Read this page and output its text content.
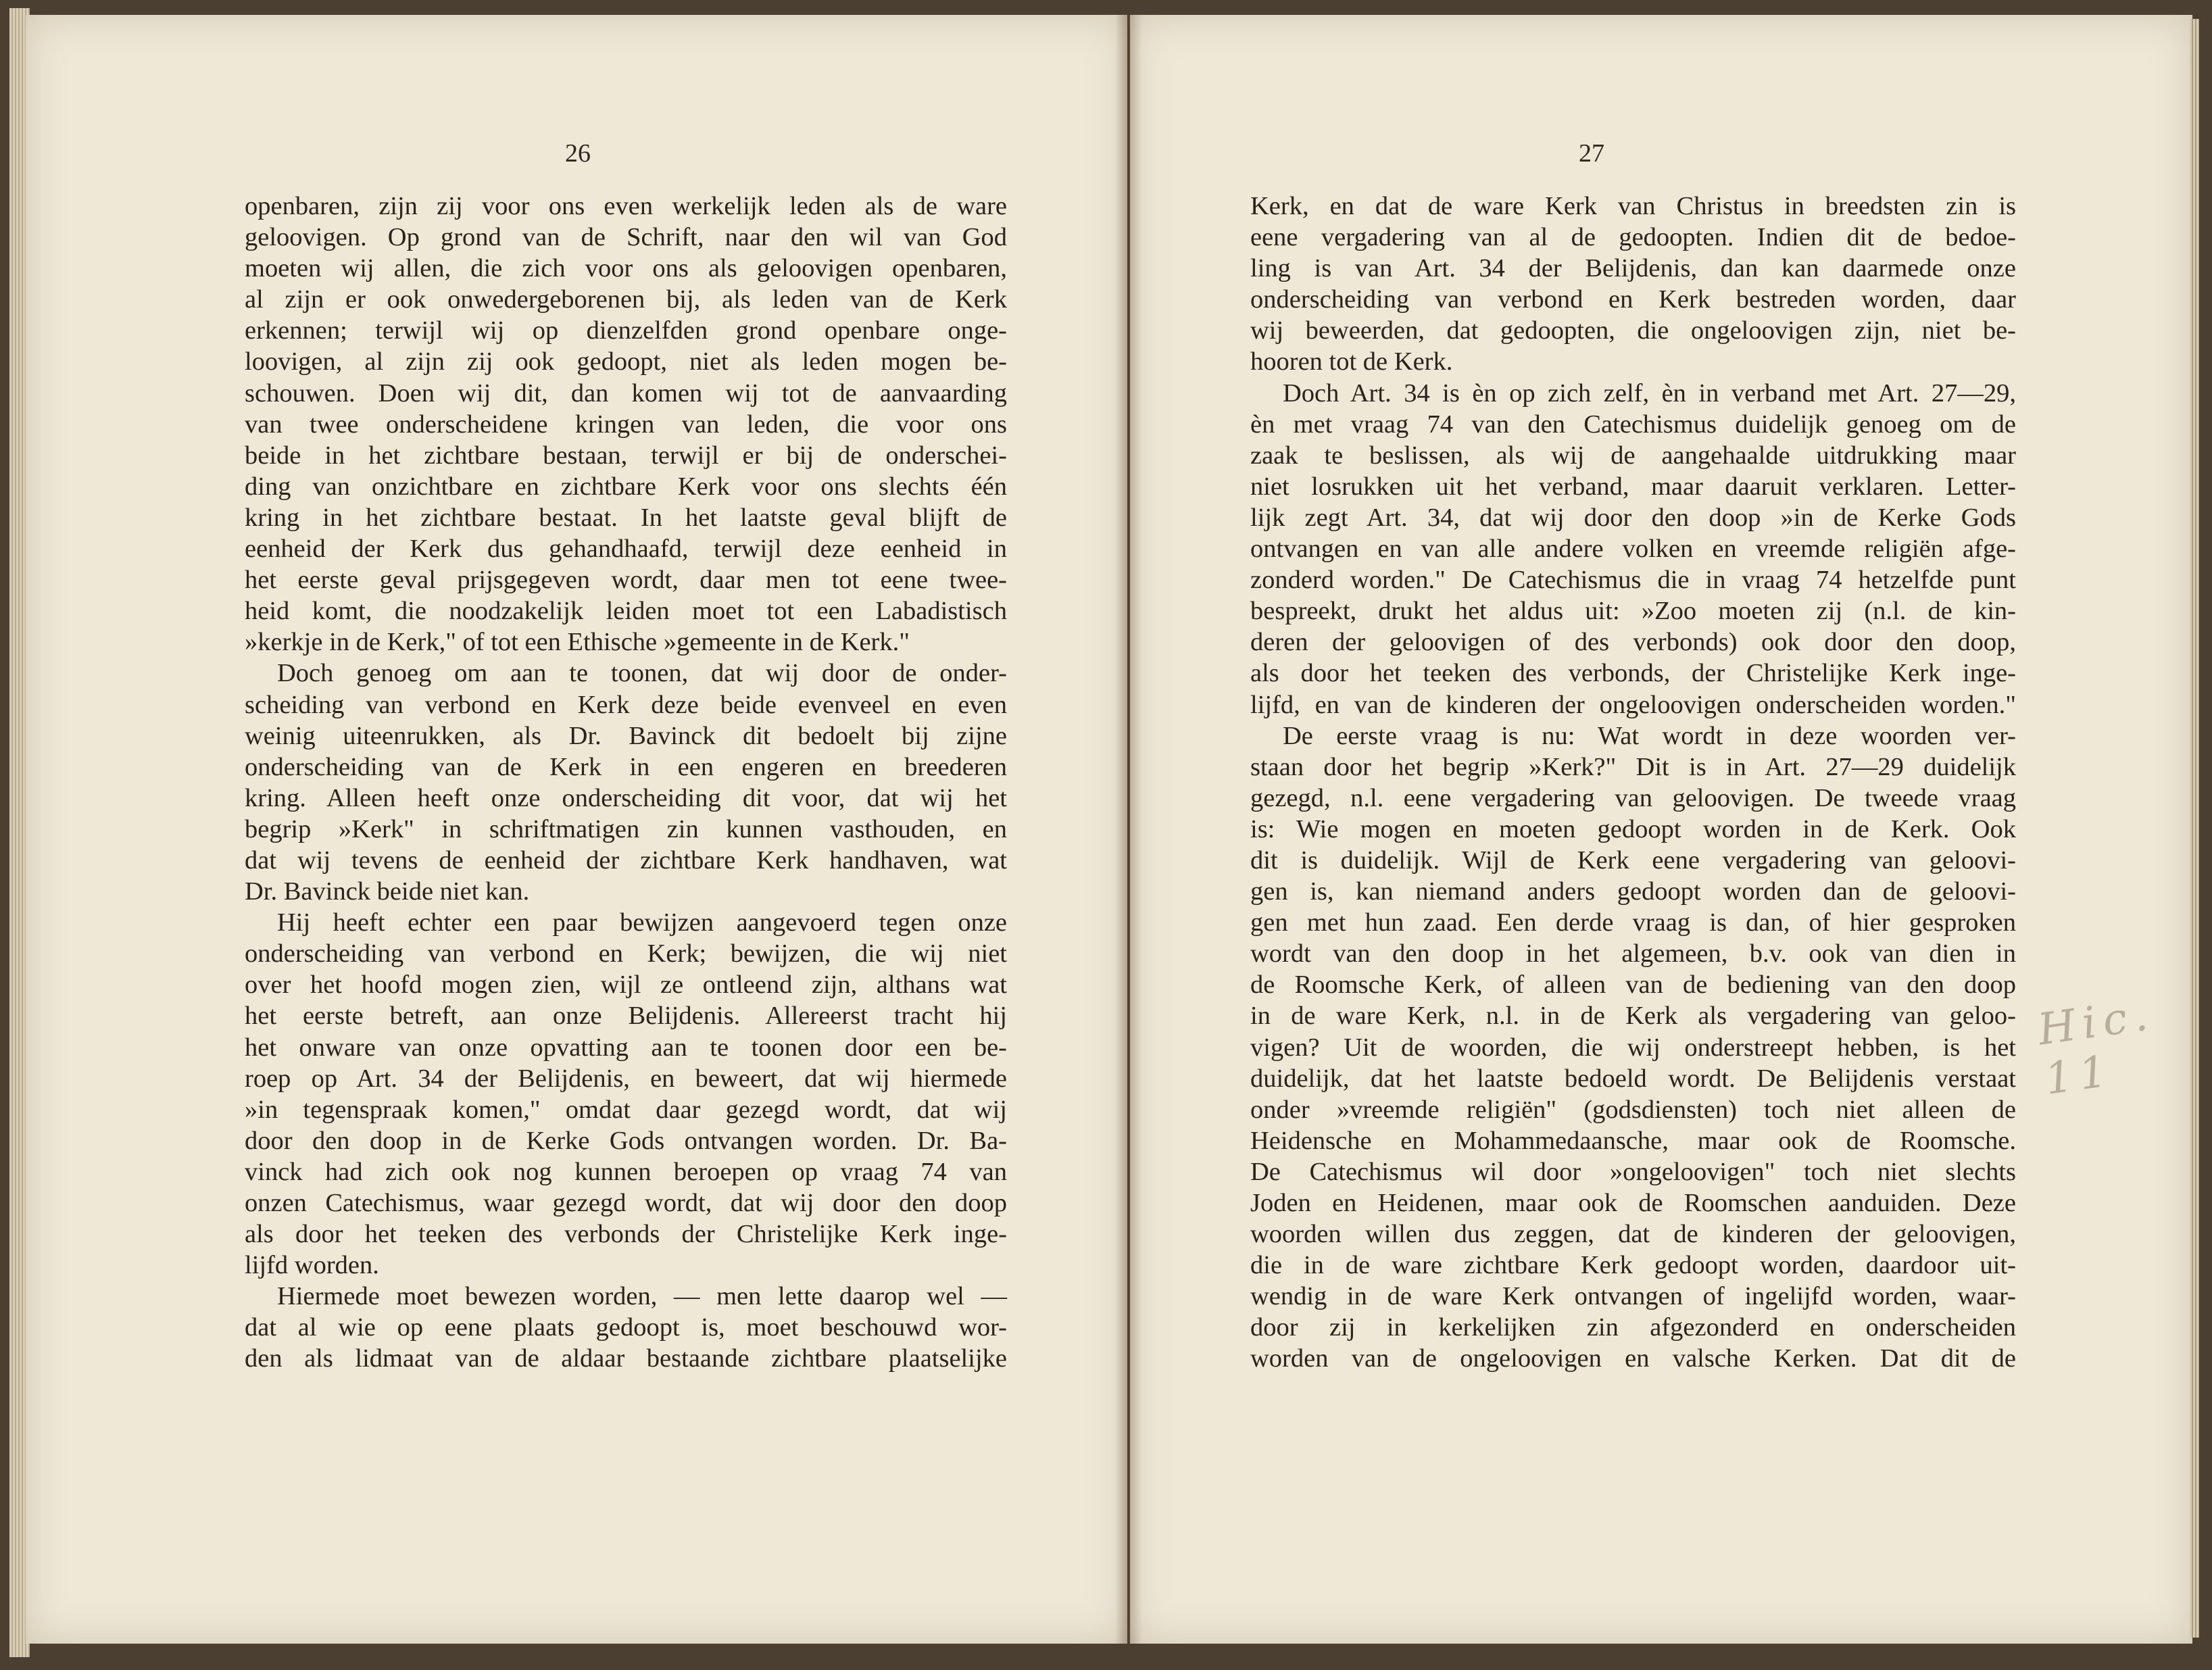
26	27
openbaren, zijn zij voor ons even werkelijk leden als de ware
geloovigen. Op grond van de Schrift, naar den wil van God
moeten wij allen, die zich voor ons als geloovigen openbaren,
al zijn er ook onwedergeborenen bij, als leden van de Kerk
erkennen; terwijl wij op dienzelfden grond openbare onge-
loovigen, al zijn zij ook gedoopt, niet als leden mogen be-
schouwen. Doen wij dit, dan komen wij tot de aanvaarding
van twee onderscheidene kringen van leden, die voor ons
beide in het zichtbare bestaan, terwijl er bij de onderschei-
ding van onzichtbare en zichtbare Kerk voor ons slechts één
kring in het zichtbare bestaat. In het laatste geval blijft de
eenheid der Kerk dus gehandhaafd, terwijl deze eenheid in
het eerste geval prijsgegeven wordt, daar men tot eene twee-
heid komt, die noodzakelijk leiden moet tot een Labadistisch
»kerkje in de Kerk," of tot een Ethische »gemeente in de Kerk."
Doch genoeg om aan te toonen, dat wij door de onder-
scheiding van verbond en Kerk deze beide evenveel en even
weinig uiteenrukken, als Dr. Bavinck dit bedoelt bij zijne
onderscheiding van de Kerk in een engeren en breederen
kring. Alleen heeft onze onderscheiding dit voor, dat wij het
begrip »Kerk" in schriftmatigen zin kunnen vasthouden, en
dat wij tevens de eenheid der zichtbare Kerk handhaven, wat
Dr. Bavinck beide niet kan.
Hij heeft echter een paar bewijzen aangevoerd tegen onze
onderscheiding van verbond en Kerk; bewijzen, die wij niet
over het hoofd mogen zien, wijl ze ontleend zijn, althans wat
het eerste betreft, aan onze Belijdenis. Allereerst tracht hij
het onware van onze opvatting aan te toonen door een be-
roep op Art. 34 der Belijdenis, en beweert, dat wij hiermede
»in tegenspraak komen," omdat daar gezegd wordt, dat wij
door den doop in de Kerke Gods ontvangen worden. Dr. Ba-
vinck had zich ook nog kunnen beroepen op vraag 74 van
onzen Catechismus, waar gezegd wordt, dat wij door den doop
als door het teeken des verbonds der Christelijke Kerk inge-
lijfd worden.
Hiermede moet bewezen worden, — men lette daarop wel —
dat al wie op eene plaats gedoopt is, moet beschouwd wor-
den als lidmaat van de aldaar bestaande zichtbare plaatselijke
Kerk, en dat de ware Kerk van Christus in breedsten zin is
eene vergadering van al de gedoopten. Indien dit de bedoe-
ling is van Art. 34 der Belijdenis, dan kan daarmede onze
onderscheiding van verbond en Kerk bestreden worden, daar
wij beweerden, dat gedoopten, die ongeloovigen zijn, niet be-
hooren tot de Kerk.
Doch Art. 34 is èn op zich zelf, èn in verband met Art. 27—29,
èn met vraag 74 van den Catechismus duidelijk genoeg om de
zaak te beslissen, als wij de aangehaalde uitdrukking maar
niet losrukken uit het verband, maar daaruit verklaren. Letter-
lijk zegt Art. 34, dat wij door den doop »in de Kerke Gods
ontvangen en van alle andere volken en vreemde religiën afge-
zonderd worden." De Catechismus die in vraag 74 hetzelfde punt
bespreekt, drukt het aldus uit: »Zoo moeten zij (n.l. de kin-
deren der geloovigen of des verbonds) ook door den doop,
als door het teeken des verbonds, der Christelijke Kerk inge-
lijfd, en van de kinderen der ongeloovigen onderscheiden worden."
De eerste vraag is nu: Wat wordt in deze woorden ver-
staan door het begrip »Kerk?" Dit is in Art. 27—29 duidelijk
gezegd, n.l. eene vergadering van geloovigen. De tweede vraag
is: Wie mogen en moeten gedoopt worden in de Kerk. Ook
dit is duidelijk. Wijl de Kerk eene vergadering van geloovi-
gen is, kan niemand anders gedoopt worden dan de geloovi-
gen met hun zaad. Een derde vraag is dan, of hier gesproken
wordt van den doop in het algemeen, b.v. ook van dien in
de Roomsche Kerk, of alleen van de bediening van den doop
in de ware Kerk, n.l. in de Kerk als vergadering van geloo-
vigen? Uit de woorden, die wij onderstreept hebben, is het
duidelijk, dat het laatste bedoeld wordt. De Belijdenis verstaat
onder »vreemde religiën" (godsdiensten) toch niet alleen de
Heidensche en Mohammedaansche, maar ook de Roomsche.
De Catechismus wil door »ongeloovigen" toch niet slechts
Joden en Heidenen, maar ook de Roomschen aanduiden. Deze
woorden willen dus zeggen, dat de kinderen der geloovigen,
die in de ware zichtbare Kerk gedoopt worden, daardoor uit-
wendig in de ware Kerk ontvangen of ingelijfd worden, waar-
door zij in kerkelijken zin afgezonderd en onderscheiden
worden van de ongeloovigen en valsche Kerken. Dat dit de
Hic. 11
